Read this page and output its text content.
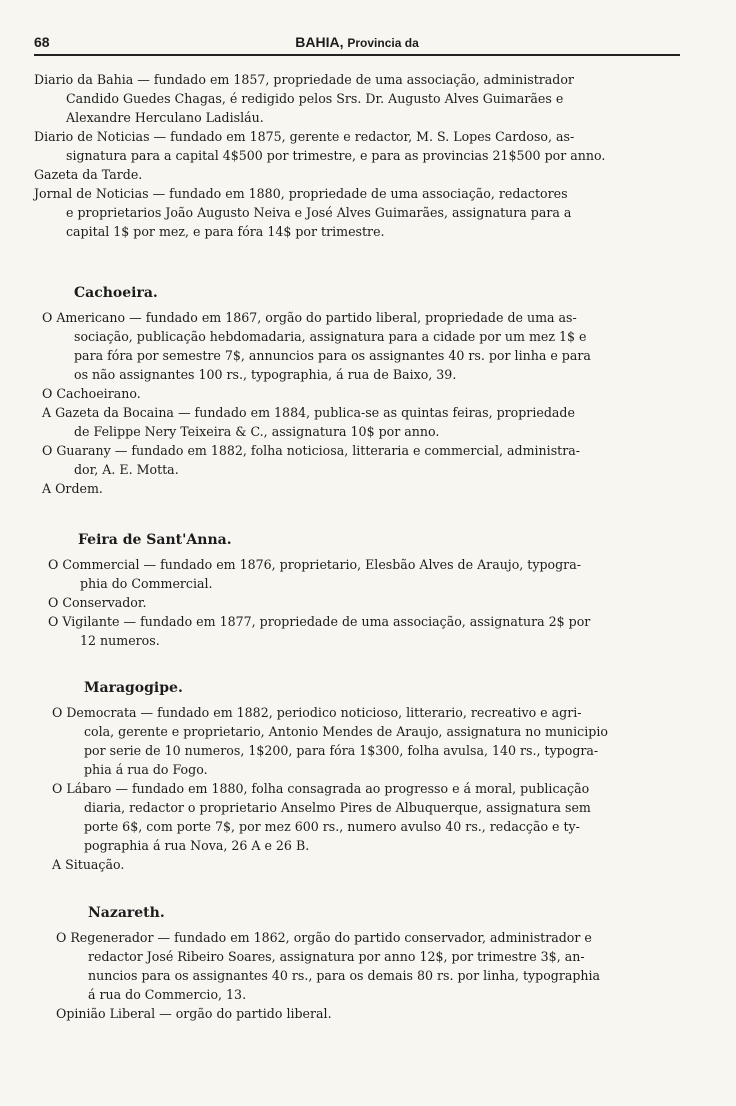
68	BAHIA, Provincia da
Diario da Bahia — fundado em 1857, propriedade de uma associação, administrador
Candido Guedes Chagas, é redigido pelos Srs. Dr. Augusto Alves Guimarães e
Alexandre Herculano Ladisláu.
Diario de Noticias — fundado em 1875, gerente e redactor, M. S. Lopes Cardoso, as-
signatura para a capital 4$500 por trimestre, e para as provincias 21$500 por anno.
Gazeta da Tarde.
Jornal de Noticias — fundado em 1880, propriedade de uma associação, redactores
e proprietarios João Augusto Neiva e José Alves Guimarães, assignatura para a
capital 1$ por mez, e para fóra 14$ por trimestre.
Cachoeira.
O Americano — fundado em 1867, orgão do partido liberal, propriedade de uma as-
sociação, publicação hebdomadaria, assignatura para a cidade por um mez 1$ e
para fóra por semestre 7$, annuncios para os assignantes 40 rs. por linha e para
os não assignantes 100 rs., typographia, á rua de Baixo, 39.
O Cachoeirano.
A Gazeta da Bocaina — fundado em 1884, publica-se as quintas feiras, propriedade
de Felippe Nery Teixeira & C., assignatura 10$ por anno.
O Guarany — fundado em 1882, folha noticiosa, litteraria e commercial, administra-
dor, A. E. Motta.
A Ordem.
Feira de Sant'Anna.
O Commercial — fundado em 1876, proprietario, Elesbão Alves de Araujo, typogra-
phia do Commercial.
O Conservador.
O Vigilante — fundado em 1877, propriedade de uma associação, assignatura 2$ por
12 numeros.
Maragogipe.
O Democrata — fundado em 1882, periodico noticioso, litterario, recreativo e agri-
cola, gerente e proprietario, Antonio Mendes de Araujo, assignatura no municipio
por serie de 10 numeros, 1$200, para fóra 1$300, folha avulsa, 140 rs., typogra-
phia á rua do Fogo.
O Lábaro — fundado em 1880, folha consagrada ao progresso e á moral, publicação
diaria, redactor o proprietario Anselmo Pires de Albuquerque, assignatura sem
porte 6$, com porte 7$, por mez 600 rs., numero avulso 40 rs., redacção e ty-
pographia á rua Nova, 26 A e 26 B.
A Situação.
Nazareth.
O Regenerador — fundado em 1862, orgão do partido conservador, administrador e
redactor José Ribeiro Soares, assignatura por anno 12$, por trimestre 3$, an-
nuncios para os assignantes 40 rs., para os demais 80 rs. por linha, typographia
á rua do Commercio, 13.
Opinião Liberal — orgão do partido liberal.
